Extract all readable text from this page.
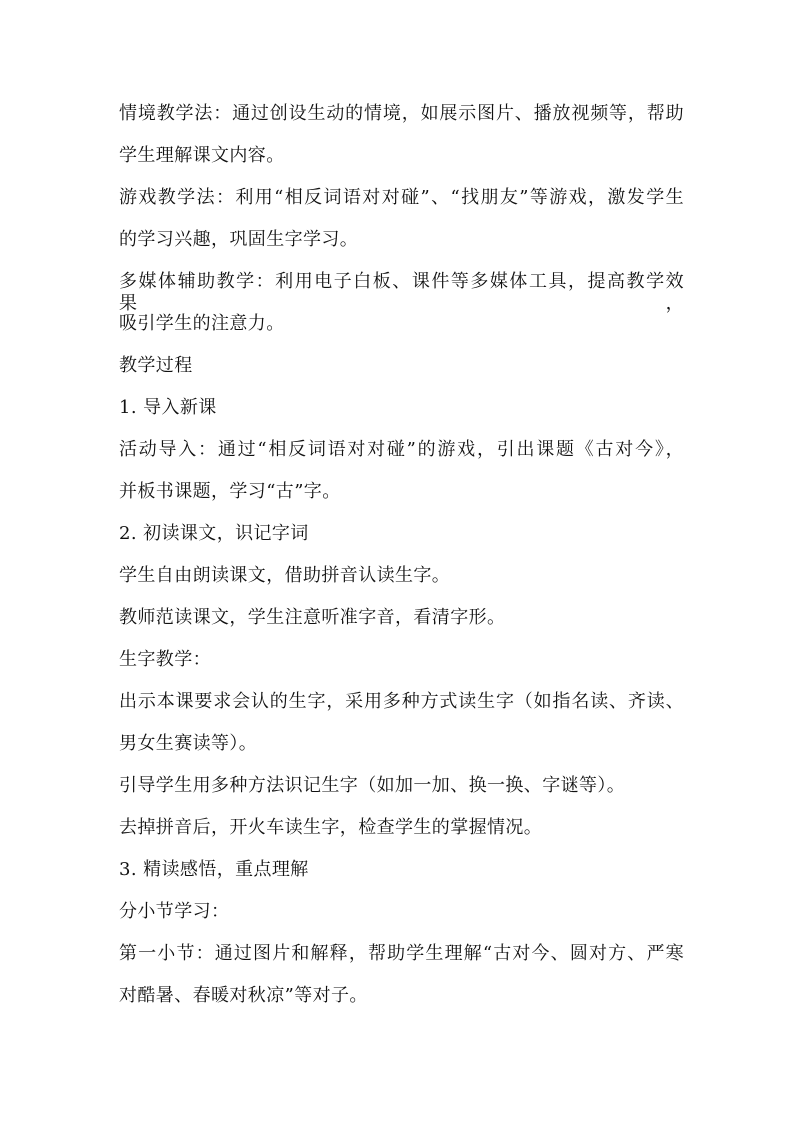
情境教学法：通过创设生动的情境，如展示图片、播放视频等，帮助

学生理解课文内容。

游戏教学法：利用“相反词语对对碰”、“找朋友”等游戏，激发学生

的学习兴趣，巩固生字学习。

多媒体辅助教学：利用电子白板、课件等多媒体工具，提高教学效果，

吸引学生的注意力。

教学过程

1. 导入新课

活动导入：通过“相反词语对对碰”的游戏，引出课题《古对今》，

并板书课题，学习“古”字。

2. 初读课文，识记字词

学生自由朗读课文，借助拼音认读生字。

教师范读课文，学生注意听准字音，看清字形。

生字教学：

出示本课要求会认的生字，采用多种方式读生字（如指名读、齐读、

男女生赛读等）。

引导学生用多种方法识记生字（如加一加、换一换、字谜等）。

去掉拼音后，开火车读生字，检查学生的掌握情况。

3. 精读感悟，重点理解

分小节学习：

第一小节：通过图片和解释，帮助学生理解“古对今、圆对方、严寒

对酷暑、春暖对秋凉”等对子。
